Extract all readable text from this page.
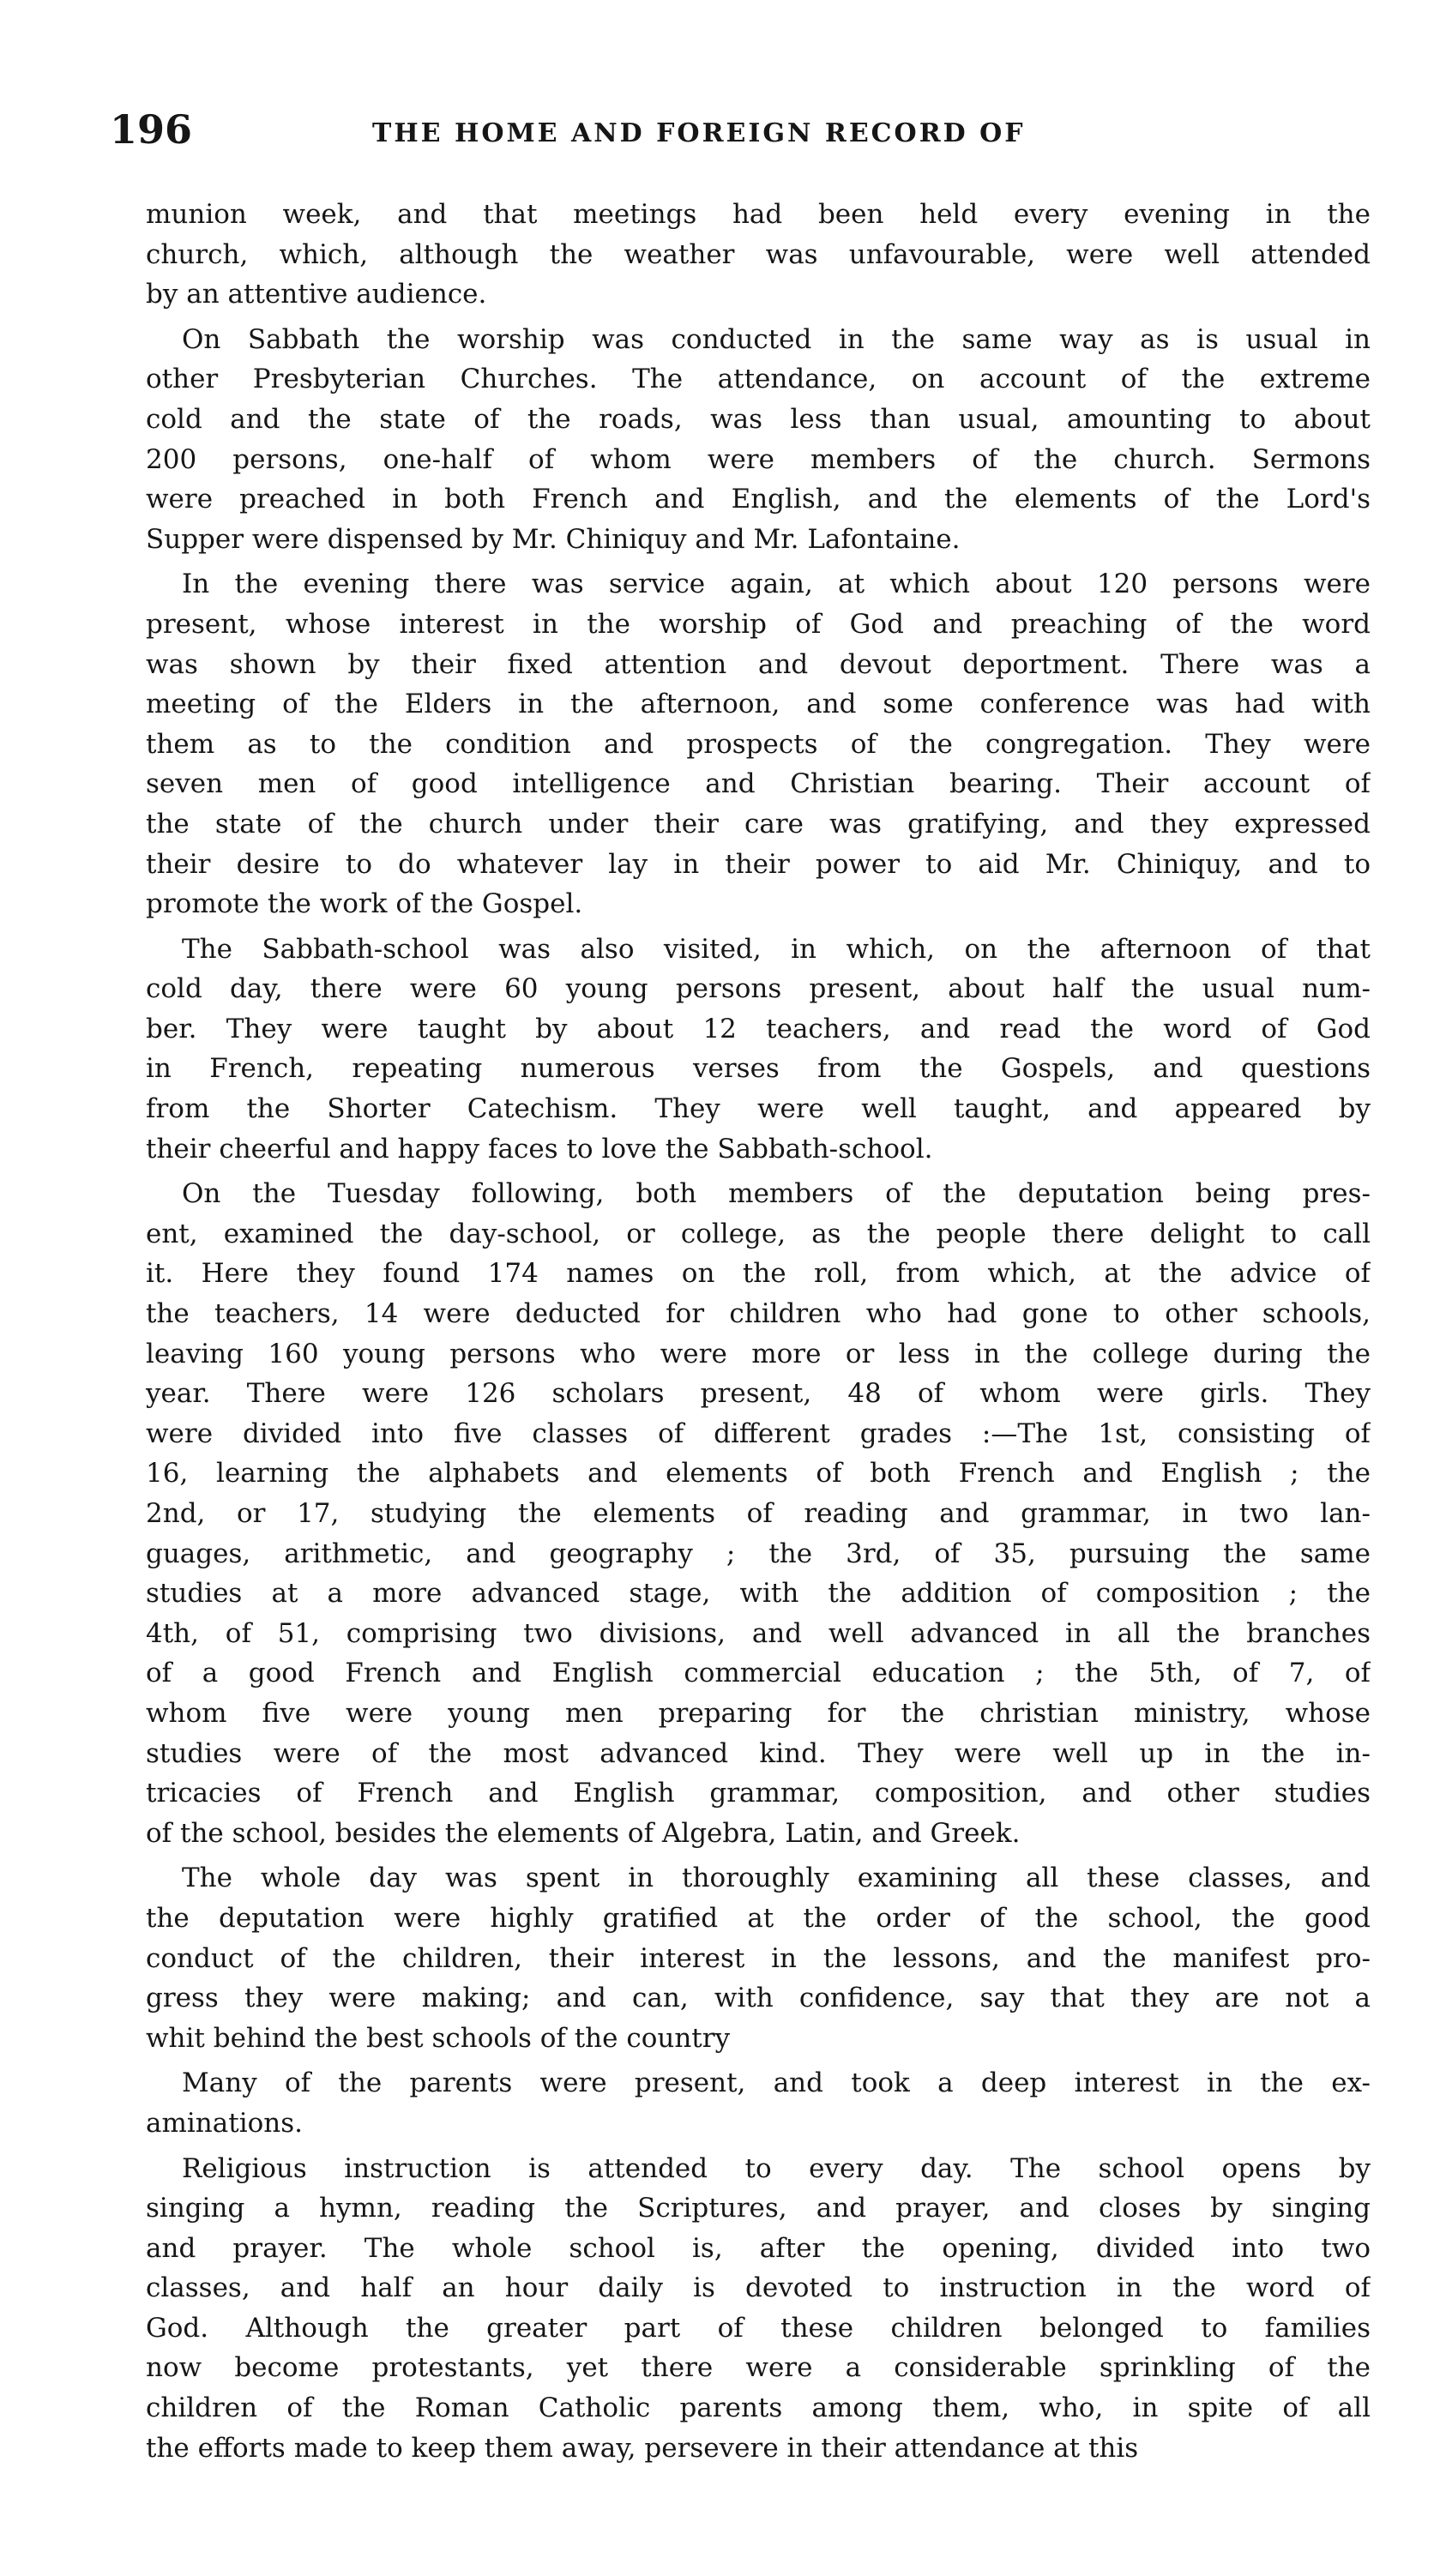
196	THE HOME AND FOREIGN RECORD OF
munion week, and that meetings had been held every evening in the
church, which, although the weather was unfavourable, were well attended
by an attentive audience.
On Sabbath the worship was conducted in the same way as is usual in
other Presbyterian Churches. The attendance, on account of the extreme
cold and the state of the roads, was less than usual, amounting to about
200 persons, one-half of whom were members of the church. Sermons
were preached in both French and English, and the elements of the Lord's
Supper were dispensed by Mr. Chiniquy and Mr. Lafontaine.
In the evening there was service again, at which about 120 persons were
present, whose interest in the worship of God and preaching of the word
was shown by their fixed attention and devout deportment. There was a
meeting of the Elders in the afternoon, and some conference was had with
them as to the condition and prospects of the congregation. They were
seven men of good intelligence and Christian bearing. Their account of
the state of the church under their care was gratifying, and they expressed
their desire to do whatever lay in their power to aid Mr. Chiniquy, and to
promote the work of the Gospel.
The Sabbath-school was also visited, in which, on the afternoon of that
cold day, there were 60 young persons present, about half the usual num-
ber. They were taught by about 12 teachers, and read the word of God
in French, repeating numerous verses from the Gospels, and questions
from the Shorter Catechism. They were well taught, and appeared by
their cheerful and happy faces to love the Sabbath-school.
On the Tuesday following, both members of the deputation being pres-
ent, examined the day-school, or college, as the people there delight to call
it. Here they found 174 names on the roll, from which, at the advice of
the teachers, 14 were deducted for children who had gone to other schools,
leaving 160 young persons who were more or less in the college during the
year. There were 126 scholars present, 48 of whom were girls. They
were divided into five classes of different grades :—The 1st, consisting of
16, learning the alphabets and elements of both French and English ; the
2nd, or 17, studying the elements of reading and grammar, in two lan-
guages, arithmetic, and geography ; the 3rd, of 35, pursuing the same
studies at a more advanced stage, with the addition of composition ; the
4th, of 51, comprising two divisions, and well advanced in all the branches
of a good French and English commercial education ; the 5th, of 7, of
whom five were young men preparing for the christian ministry, whose
studies were of the most advanced kind. They were well up in the in-
tricacies of French and English grammar, composition, and other studies
of the school, besides the elements of Algebra, Latin, and Greek.
The whole day was spent in thoroughly examining all these classes, and
the deputation were highly gratified at the order of the school, the good
conduct of the children, their interest in the lessons, and the manifest pro-
gress they were making; and can, with confidence, say that they are not a
whit behind the best schools of the country
Many of the parents were present, and took a deep interest in the ex-
aminations.
Religious instruction is attended to every day. The school opens by
singing a hymn, reading the Scriptures, and prayer, and closes by singing
and prayer. The whole school is, after the opening, divided into two
classes, and half an hour daily is devoted to instruction in the word of
God. Although the greater part of these children belonged to families
now become protestants, yet there were a considerable sprinkling of the
children of the Roman Catholic parents among them, who, in spite of all
the efforts made to keep them away, persevere in their attendance at this
